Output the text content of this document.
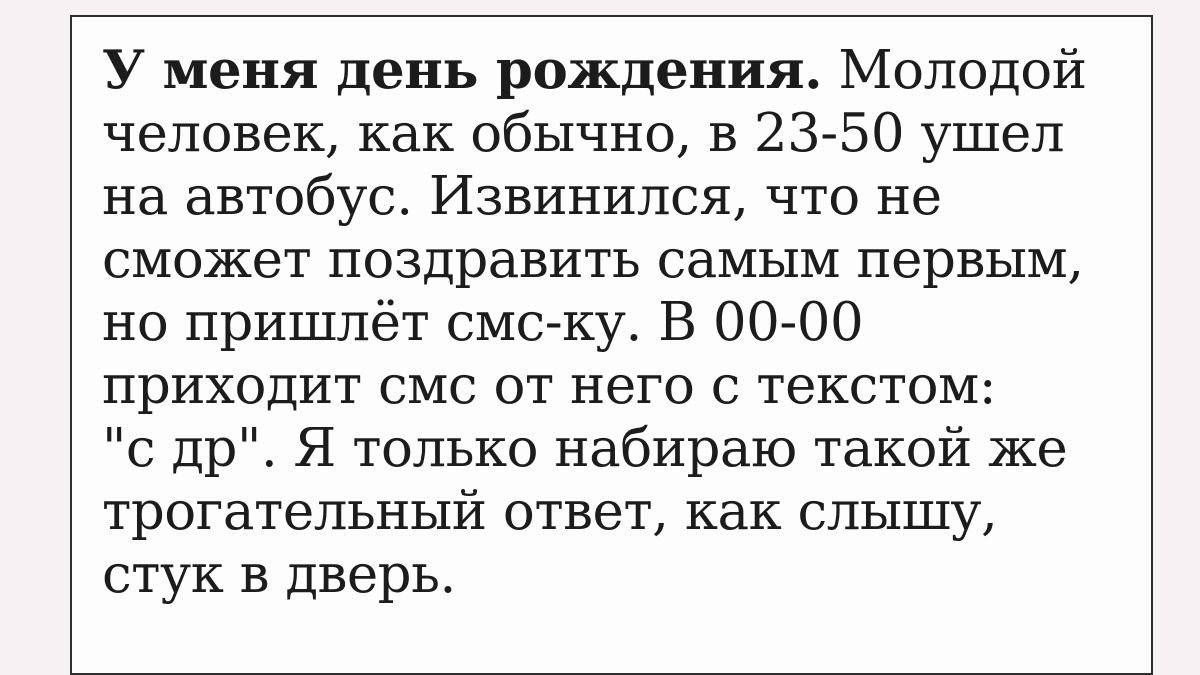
У меня день рождения. Молодой
человек, как обычно, в 23-50 ушел
на автобус. Извинился, что не
сможет поздравить самым первым,
но пришлёт смс-ку. В 00-00
приходит смс от него с текстом:
"с др". Я только набираю такой же
трогательный ответ, как слышу,
стук в дверь.
